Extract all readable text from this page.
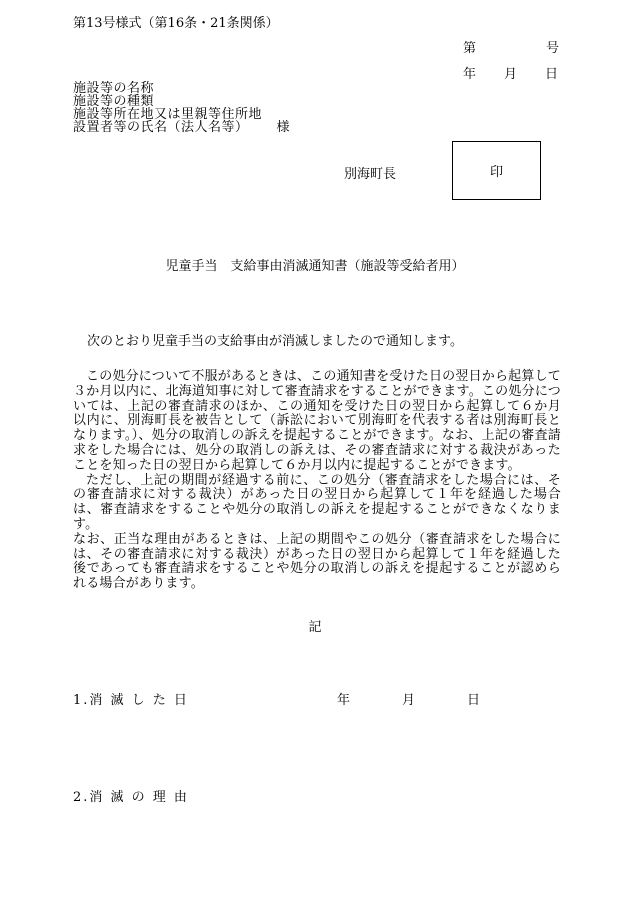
第13号様式（第16条・21条関係）
第	号
年 月 日
施設等の名称
施設等の種類
施設等所在地又は里親等住所地
設置者等の氏名（法人名等） 様
別海町長	印
児童手当　支給事由消滅通知書（施設等受給者用）
次のとおり児童手当の支給事由が消滅しましたので通知します。

この処分について不服があるときは、この通知書を受けた日の翌日から起算して３か月以内に、北海道知事に対して審査請求をすることができます。この処分については、上記の審査請求のほか、この通知を受けた日の翌日から起算して６か月以内に、別海町長を被告として（訴訟において別海町を代表する者は別海町長となります。）、処分の取消しの訴えを提起することができます。なお、上記の審査請求をした場合には、処分の取消しの訴えは、その審査請求に対する裁決があったことを知った日の翌日から起算して６か月以内に提起することができます。

ただし、上記の期間が経過する前に、この処分（審査請求をした場合には、その審査請求に対する裁決）があった日の翌日から起算して１年を経過した場合は、審査請求をすることや処分の取消しの訴えを提起することができなくなります。

なお、正当な理由があるときは、上記の期間やこの処分（審査請求をした場合には、その審査請求に対する裁決）があった日の翌日から起算して１年を経過した後であっても審査請求をすることや処分の取消しの訴えを提起することが認められる場合があります。

記
1.消 滅 し た 日	年	月	日
2.消 滅 の 理 由
